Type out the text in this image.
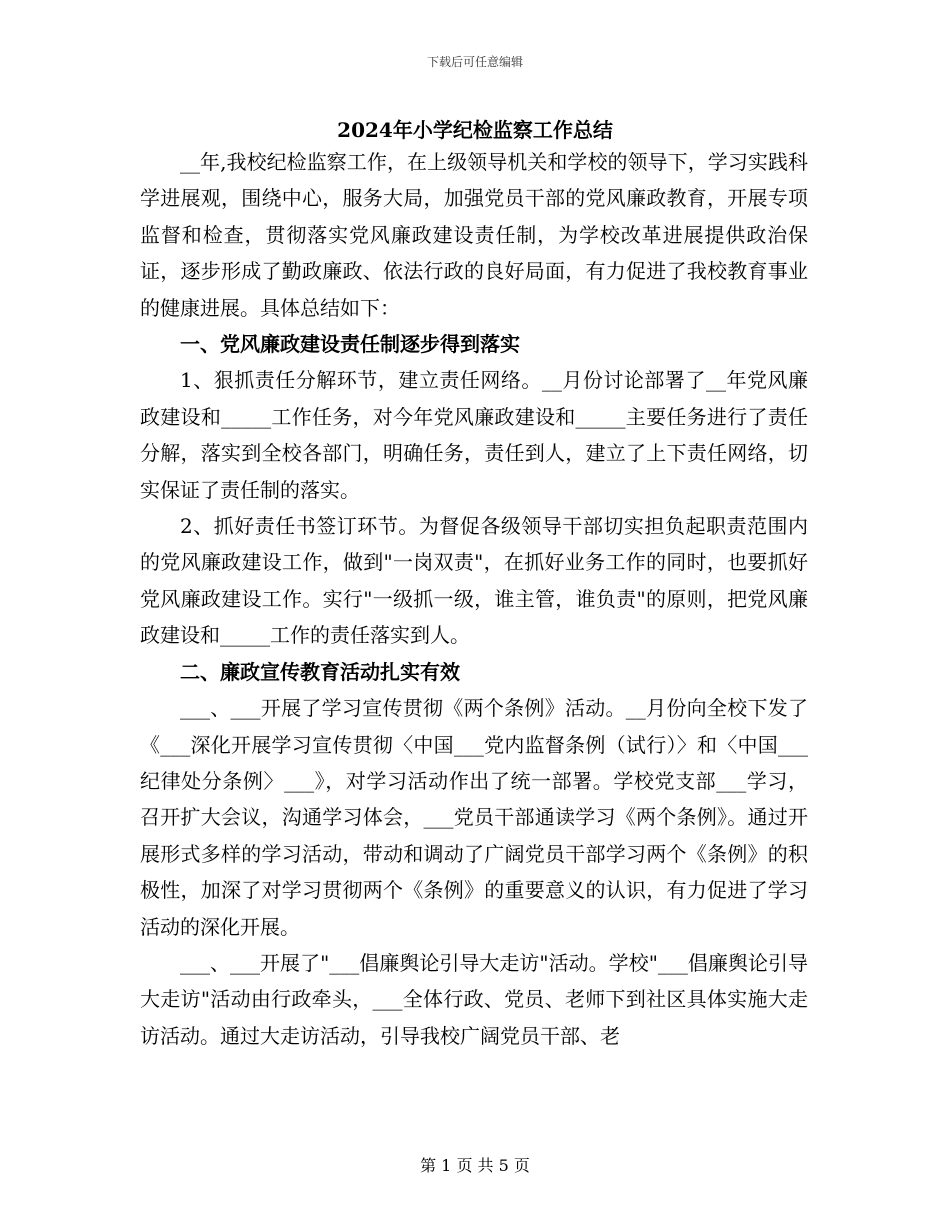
下载后可任意编辑
2024年小学纪检监察工作总结

__年,我校纪检监察工作，在上级领导机关和学校的领导下，学习实践科学进展观，围绕中心，服务大局，加强党员干部的党风廉政教育，开展专项监督和检查，贯彻落实党风廉政建设责任制，为学校改革进展提供政治保证，逐步形成了勤政廉政、依法行政的良好局面，有力促进了我校教育事业的健康进展。具体总结如下：

一、党风廉政建设责任制逐步得到落实

1、狠抓责任分解环节，建立责任网络。__月份讨论部署了__年党风廉政建设和_____工作任务，对今年党风廉政建设和_____主要任务进行了责任分解，落实到全校各部门，明确任务，责任到人，建立了上下责任网络，切实保证了责任制的落实。

2、抓好责任书签订环节。为督促各级领导干部切实担负起职责范围内的党风廉政建设工作，做到"一岗双责"，在抓好业务工作的同时，也要抓好党风廉政建设工作。实行"一级抓一级，谁主管，谁负责"的原则，把党风廉政建设和_____工作的责任落实到人。

二、廉政宣传教育活动扎实有效

___、___开展了学习宣传贯彻《两个条例》活动。__月份向全校下发了《___深化开展学习宣传贯彻〈中国___党内监督条例（试行）〉和〈中国___纪律处分条例〉___》，对学习活动作出了统一部署。学校党支部___学习，召开扩大会议，沟通学习体会，___党员干部通读学习《两个条例》。通过开展形式多样的学习活动，带动和调动了广阔党员干部学习两个《条例》的积极性，加深了对学习贯彻两个《条例》的重要意义的认识，有力促进了学习活动的深化开展。

___、___开展了"___倡廉舆论引导大走访"活动。学校"___倡廉舆论引导大走访"活动由行政牵头，___全体行政、党员、老师下到社区具体实施大走访活动。通过大走访活动，引导我校广阔党员干部、老

第 1 页 共 5 页
